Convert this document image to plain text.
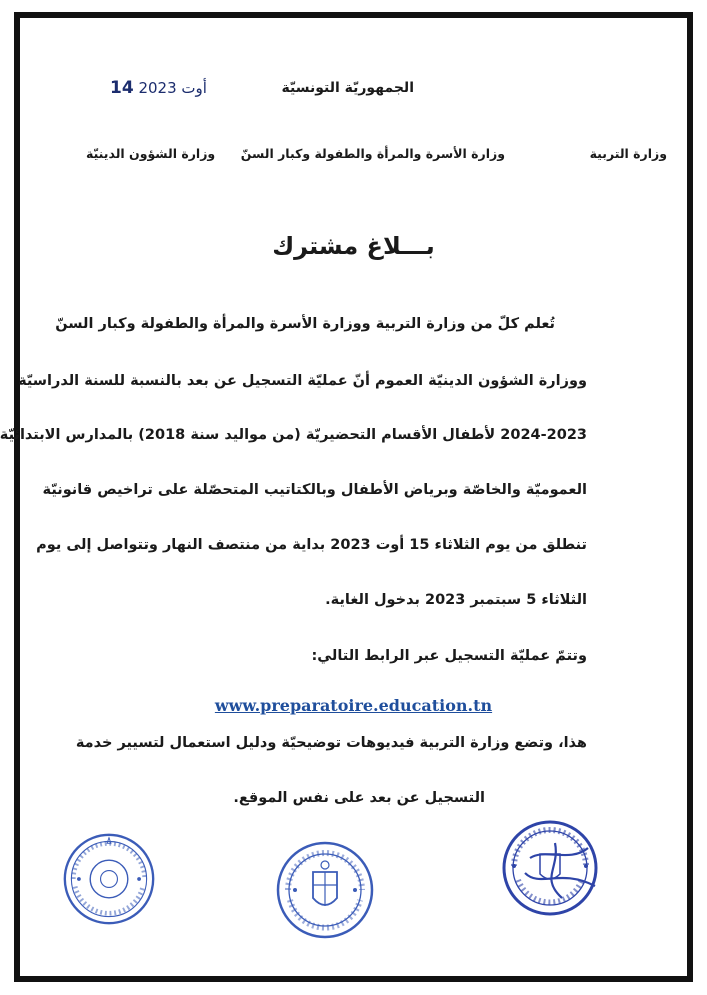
أوت 2023 14	الجمهوريّة التونسيّة
وزارة التربية
وزارة الأسرة والمرأة والطفولة وكبار السنّ
وزارة الشؤون الدينيّة
بـــلاغ مشترك
تُعلم كلّ من وزارة التربية ووزارة الأسرة والمرأة والطفولة وكبار السنّ
ووزارة الشؤون الدينيّة العموم أنّ عمليّة التسجيل عن بعد بالنسبة للسنة الدراسيّة
2024-2023 لأطفال الأقسام التحضيريّة (من مواليد سنة 2018) بالمدارس الابتدائيّة
العموميّة والخاصّة وبرياض الأطفال وبالكتاتيب المتحصّلة على تراخيص قانونيّة
تنطلق من يوم الثلاثاء 15 أوت 2023 بداية من منتصف النهار وتتواصل إلى يوم
الثلاثاء 5 سبتمبر 2023 بدخول الغاية.
وتتمّ عمليّة التسجيل عبر الرابط التالي:
www.preparatoire.education.tn
هذا، وتضع وزارة التربية فيديوهات توضيحيّة ودليل استعمال لتسيير خدمة
التسجيل عن بعد على نفس الموقع.
